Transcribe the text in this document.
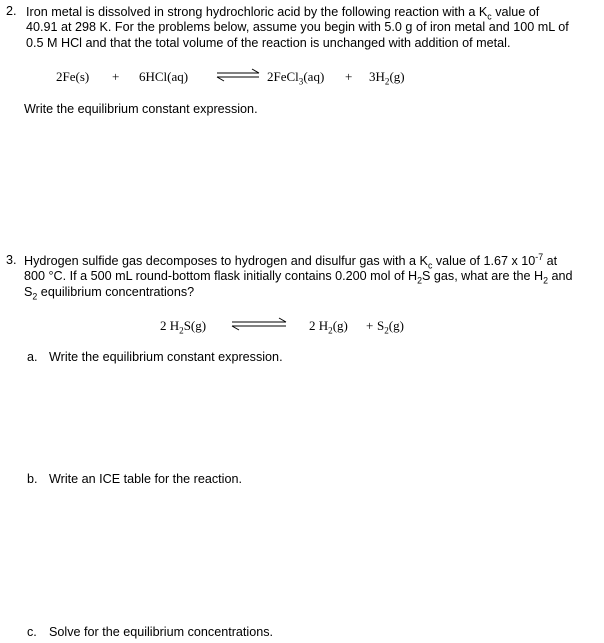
2. Iron metal is dissolved in strong hydrochloric acid by the following reaction with a $K_c$ value of
40.91 at 298 K. For the problems below, assume you begin with 5.0 g of iron metal and 100 mL of
0.5 M HCl and that the total volume of the reaction is unchanged with addition of metal.
2Fe(s) + 6HCl(aq) ⇌ 2FeCl$_3$(aq) + $3H_2(g)$
Write the equilibrium constant expression.
3. Hydrogen sulfide gas decomposes to hydrogen and disulfur gas with a $K_c$ value of 1.67 x $10^{-7}$ at
800 °C. If a 500 mL round-bottom flask initially contains 0.200 mol of $H_2S$ gas, what are the $H_2$ and
$S_2$ equilibrium concentrations?
2 $H_2S(g)$	2 $H_2(g) + S_2(g)$
a. Write the equilibrium constant expression.
b. Write an ICE table for the reaction.
c. Solve for the equilibrium concentrations.
